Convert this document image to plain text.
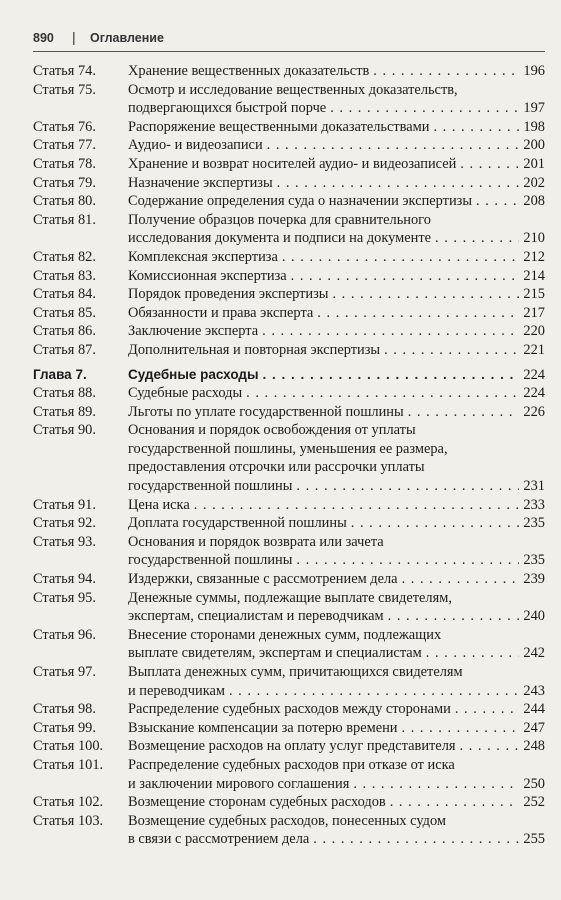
890 | Оглавление
Статья 74. Хранение вещественных доказательств . . .	196
Статья 75. Осмотр и исследование вещественных доказательств,
подвергающихся быстрой порче . . .	197
Статья 76. Распоряжение вещественными доказательствами . . .	198
Статья 77. Аудио- и видеозаписи . . .	200
Статья 78. Хранение и возврат носителей аудио- и видеозаписей . . .	201
Статья 79. Назначение экспертизы . . .	202
Статья 80. Содержание определения суда о назначении экспертизы . . .	208
Статья 81. Получение образцов почерка для сравнительного
исследования документа и подписи на документе . . .	210
Статья 82. Комплексная экспертиза . . .	212
Статья 83. Комиссионная экспертиза . . .	214
Статья 84. Порядок проведения экспертизы . . .	215
Статья 85. Обязанности и права эксперта . . .	217
Статья 86. Заключение эксперта . . .	220
Статья 87. Дополнительная и повторная экспертизы . . .	221
Глава 7.	Судебные расходы . . .	224
Статья 88. Судебные расходы . . .	224
Статья 89. Льготы по уплате государственной пошлины . . .	226
Статья 90. Основания и порядок освобождения от уплаты
государственной пошлины, уменьшения ее размера,
предоставления отсрочки или рассрочки уплаты
государственной пошлины . . .	231
Статья 91. Цена иска . . .	233
Статья 92. Доплата государственной пошлины . . .	235
Статья 93. Основания и порядок возврата или зачета
государственной пошлины . . .	235
Статья 94. Издержки, связанные с рассмотрением дела . . .	239
Статья 95. Денежные суммы, подлежащие выплате свидетелям,
экспертам, специалистам и переводчикам . . .	240
Статья 96. Внесение сторонами денежных сумм, подлежащих
выплате свидетелям, экспертам и специалистам . . .	242
Статья 97. Выплата денежных сумм, причитающихся свидетелям
и переводчикам . . .	243
Статья 98. Распределение судебных расходов между сторонами . . .	244
Статья 99. Взыскание компенсации за потерю времени . . .	247
Статья 100. Возмещение расходов на оплату услуг представителя . . .	248
Статья 101. Распределение судебных расходов при отказе от иска
и заключении мирового соглашения . . .	250
Статья 102. Возмещение сторонам судебных расходов . . .	252
Статья 103. Возмещение судебных расходов, понесенных судом
в связи с рассмотрением дела . . .	255
